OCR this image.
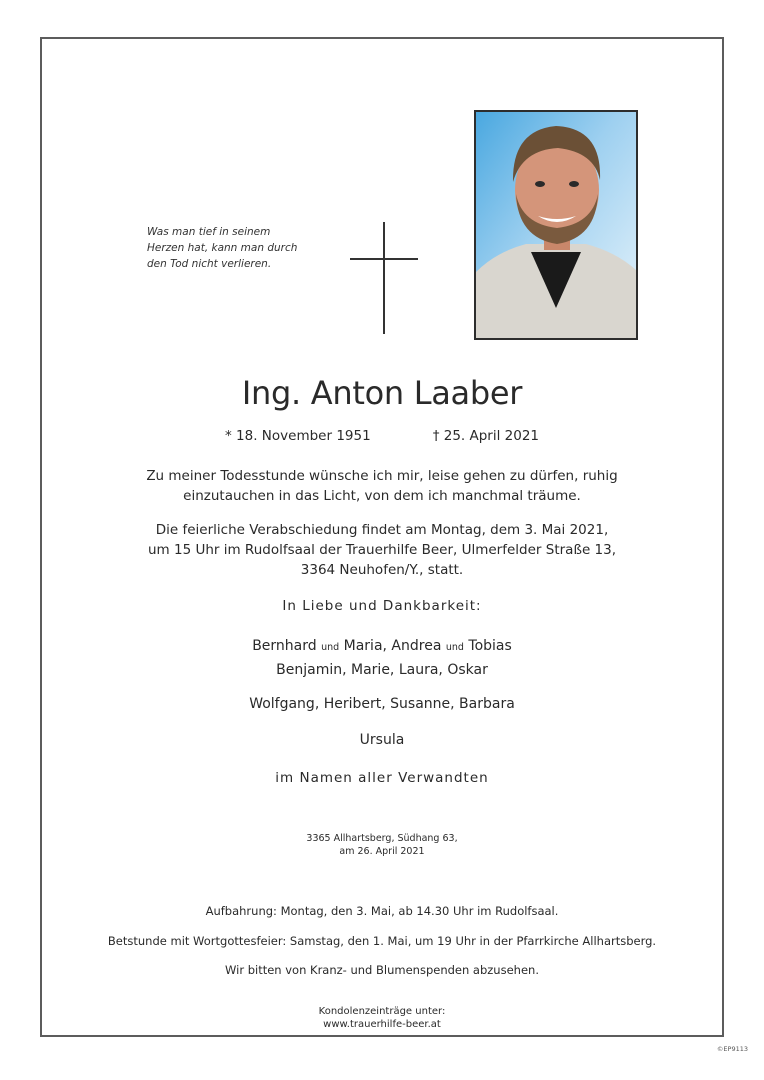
Was man tief in seinem
Herzen hat, kann man durch
den Tod nicht verlieren.
Ing. Anton Laaber
* 18. November 1951	† 25. April 2021
Zu meiner Todesstunde wünsche ich mir, leise gehen zu dürfen, ruhig
einzutauchen in das Licht, von dem ich manchmal träume.
Die feierliche Verabschiedung findet am Montag, dem 3. Mai 2021,
um 15 Uhr im Rudolfsaal der Trauerhilfe Beer, Ulmerfelder Straße 13,
3364 Neuhofen/Y., statt.
In Liebe und Dankbarkeit:
Bernhard und Maria, Andrea und Tobias
Benjamin, Marie, Laura, Oskar
Wolfgang, Heribert, Susanne, Barbara
Ursula
im Namen aller Verwandten
3365 Allhartsberg, Südhang 63,
am 26. April 2021
Aufbahrung: Montag, den 3. Mai, ab 14.30 Uhr im Rudolfsaal.
Betstunde mit Wortgottesfeier: Samstag, den 1. Mai, um 19 Uhr in der Pfarrkirche Allhartsberg.
Wir bitten von Kranz- und Blumenspenden abzusehen.
Kondolenzeinträge unter:
www.trauerhilfe-beer.at
©EP9113
